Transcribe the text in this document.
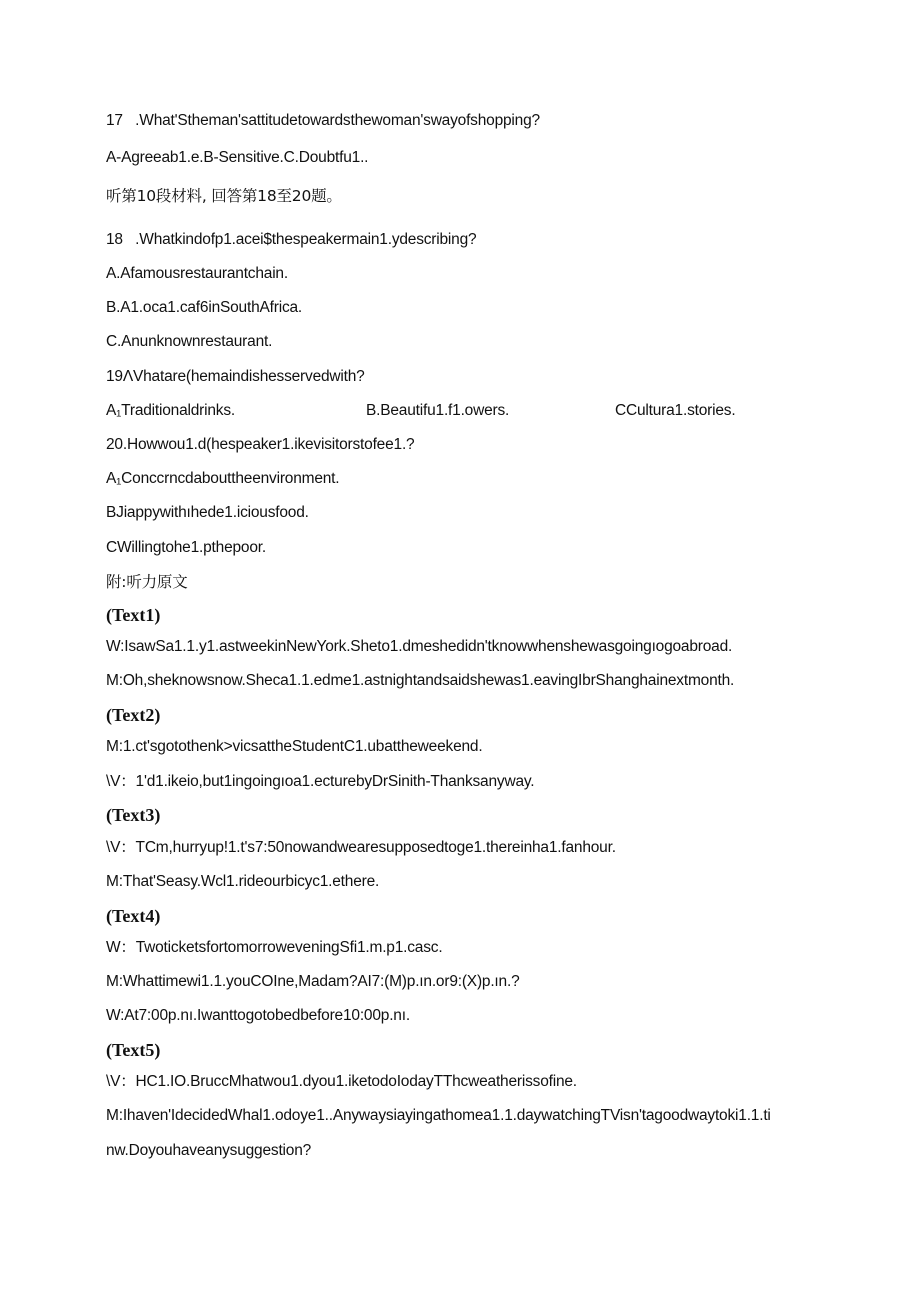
17   .WhatʹStheman'sattitudetowardsthewoman'swayofshopping?
A-Agreeab1.e.B-Sensitive.C.Doubtfu1..
听第10段材料, 回答第18至20题。
18   .Whatkindofp1.acei$thespeakermain1.ydescribing?
A.Afamousrestaurantchain.
B.A1.oca1.caf6inSouthAfrica.
C.Anunknownrestaurant.
19ΛVhatare(hemaindishesservedwith?
A₁Traditionaldrinks.	B.Beautifu1.f1.owers.	CCultura1.stories.
20.Howwou1.d(hespeaker1.ikevisitorstofee1.?
A₁Conccrncdabouttheenvironment.
BJiappywithıhede1.iciousfood.
CWillingtohe1.pthepoor.
附:听力原文
(Text1)
W:IsawSa1.1.y1.astweekinNewYork.Sheto1.dmeshedidn'tknowwhenshewasgoingıogoabroad.
M:Oh,sheknowsnow.Sheca1.1.edme1.astnightandsaidshewas1.eavingIbrShanghainextmonth.
(Text2)
M:1.ct'sgotothenk>vicsattheStudentC1.ubattheweekend.
\V：1'd1.ikeio,but1ingoingıoa1.ecturebyDrSinith-Thanksanyway.
(Text3)
\V：TCm,hurryup!1.t's7:50nowandwearesupposedtoge1.thereinha1.fanhour.
M:That'Seasy.Wcl1.rideourbicyc1.ethere.
(Text4)
W：TwoticketsfortomorroweveningSfi1.m.p1.casc.
M:Whattimewi1.1.youCOIne,Madam?AI7:(M)p.ın.or9:(X)p.ın.?
W:At7:00p.nı.Iwanttogotobedbefore10:00p.nı.
(Text5)
\V：HC1.IO.BruccMhatwou1.dyou1.iketodoIodayTThcweatherissofine.
M:Ihaven'IdecidedWhal1.odoye1..Anywaysiayingathomea1.1.daywatchingTVisn'tagoodwaytoki1.1.ti
nw.Doyouhaveanysuggestion?
